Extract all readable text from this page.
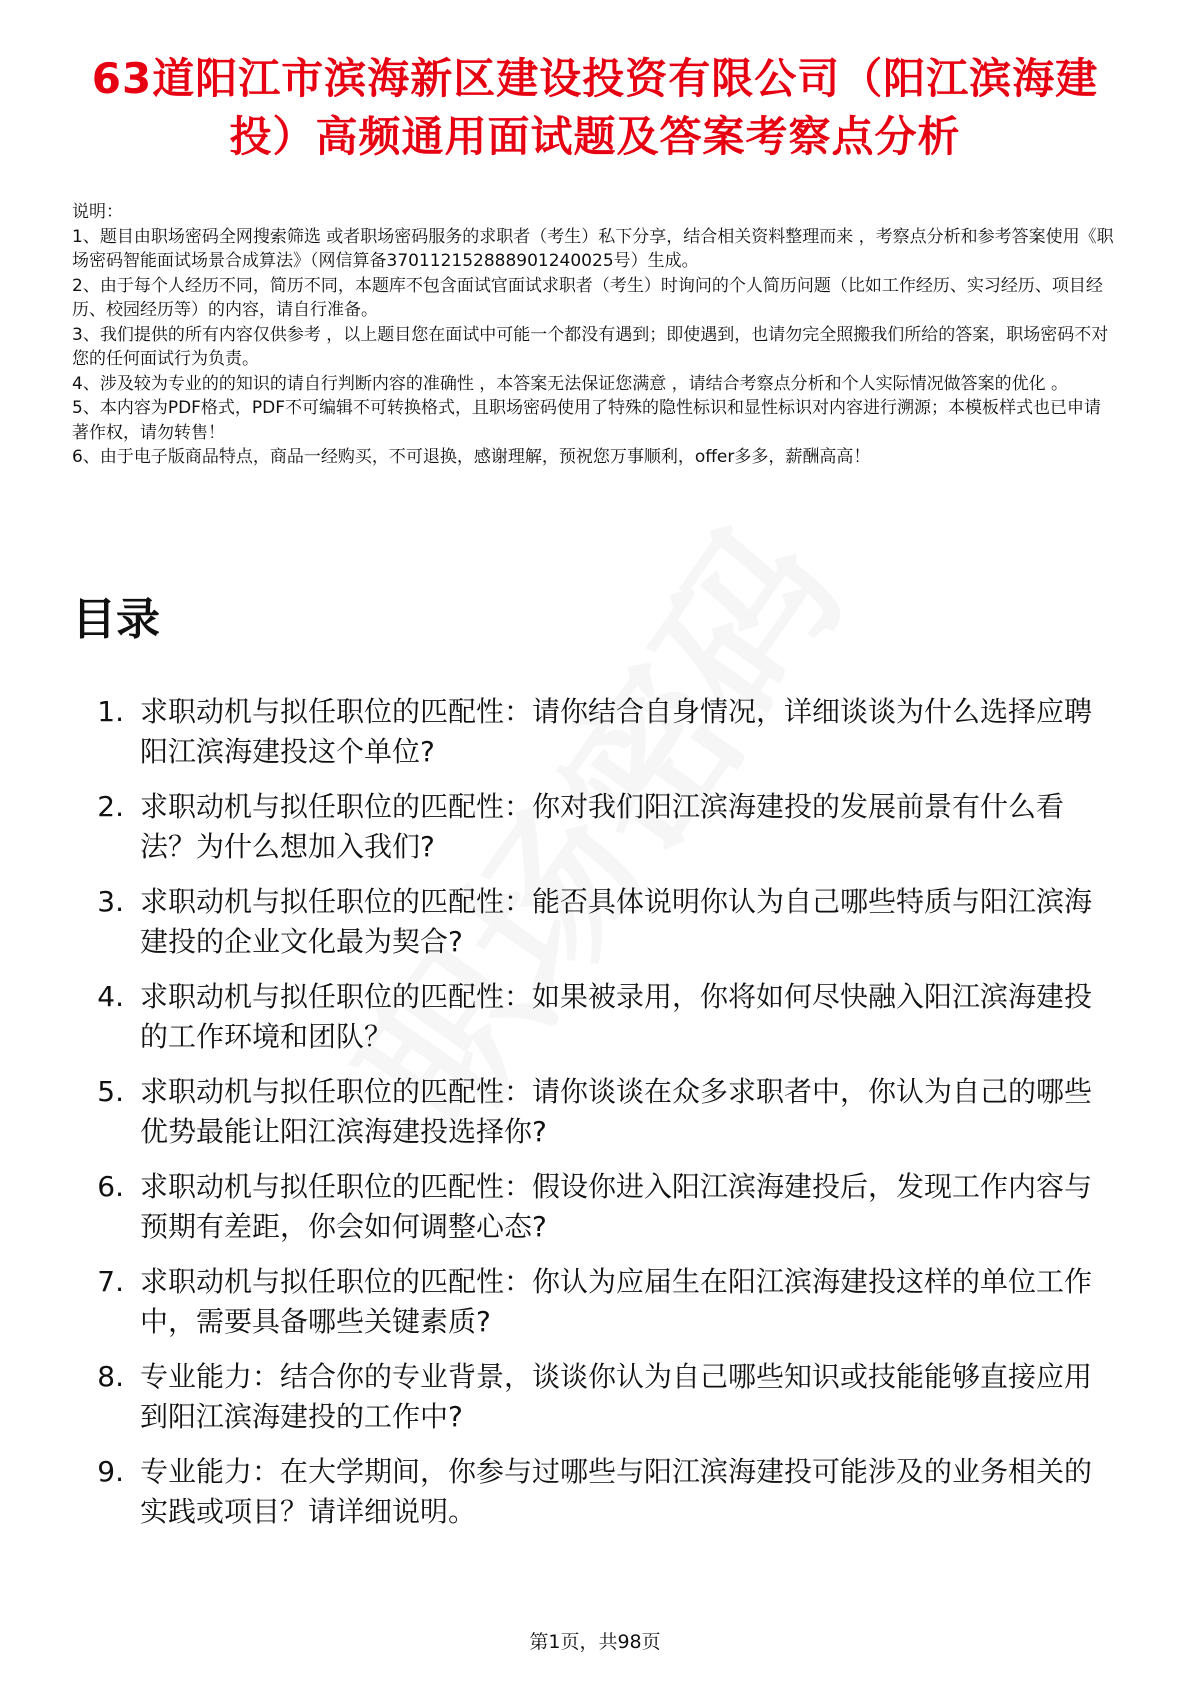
63道阳江市滨海新区建设投资有限公司（阳江滨海建投）高频通用面试题及答案考察点分析

说明：

1、题目由职场密码全网搜索筛选 或者职场密码服务的求职者（考生）私下分享，结合相关资料整理而来 ，考察点分析和参考答案使用《职场密码智能面试场景合成算法》（网信算备370112152888901240025号）生成。

2、由于每个人经历不同，简历不同，本题库不包含面试官面试求职者（考生）时询问的个人简历问题（比如工作经历、实习经历、项目经历、校园经历等）的内容，请自行准备。

3、我们提供的所有内容仅供参考 ，以上题目您在面试中可能一个都没有遇到；即使遇到，也请勿完全照搬我们所给的答案，职场密码不对您的任何面试行为负责。

4、涉及较为专业的的知识的请自行判断内容的准确性 ，本答案无法保证您满意 ，请结合考察点分析和个人实际情况做答案的优化 。

5、本内容为PDF格式，PDF不可编辑不可转换格式，且职场密码使用了特殊的隐性标识和显性标识对内容进行溯源；本模板样式也已申请著作权，请勿转售！

6、由于电子版商品特点，商品一经购买，不可退换，感谢理解，预祝您万事顺利，offer多多，薪酬高高！

目录
1. 求职动机与拟任职位的匹配性：请你结合自身情况，详细谈谈为什么选择应聘阳江滨海建投这个单位?
2. 求职动机与拟任职位的匹配性：你对我们阳江滨海建投的发展前景有什么看法？为什么想加入我们?
3. 求职动机与拟任职位的匹配性：能否具体说明你认为自己哪些特质与阳江滨海建投的企业文化最为契合?
4. 求职动机与拟任职位的匹配性：如果被录用，你将如何尽快融入阳江滨海建投的工作环境和团队？
5. 求职动机与拟任职位的匹配性：请你谈谈在众多求职者中，你认为自己的哪些优势最能让阳江滨海建投选择你?
6. 求职动机与拟任职位的匹配性：假设你进入阳江滨海建投后，发现工作内容与预期有差距，你会如何调整心态?
7. 求职动机与拟任职位的匹配性：你认为应届生在阳江滨海建投这样的单位工作中，需要具备哪些关键素质?
8. 专业能力：结合你的专业背景，谈谈你认为自己哪些知识或技能能够直接应用到阳江滨海建投的工作中?
9. 专业能力：在大学期间，你参与过哪些与阳江滨海建投可能涉及的业务相关的实践或项目？请详细说明。
第1页，共98页
